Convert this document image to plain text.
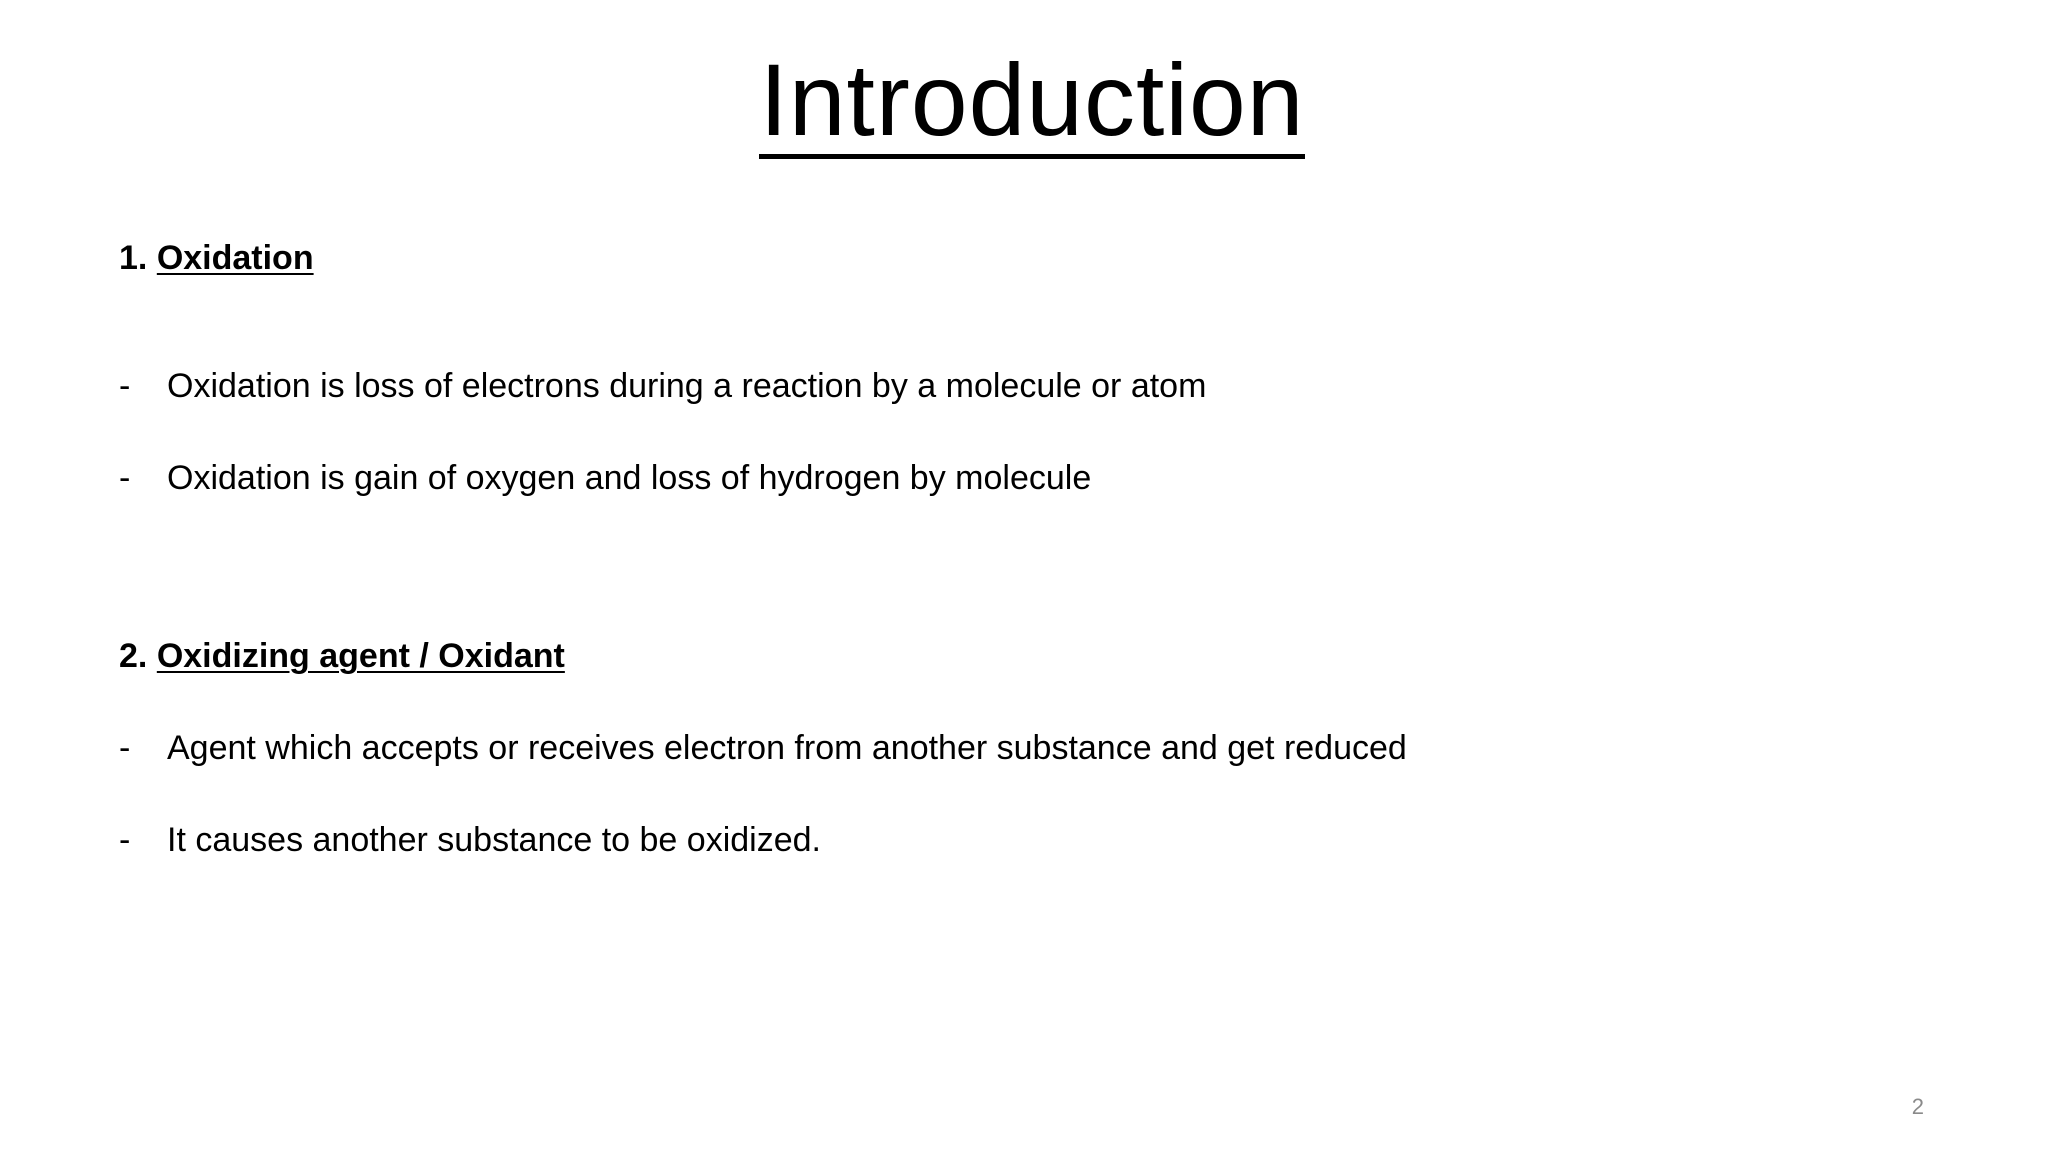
Introduction
1. Oxidation
- Oxidation is loss of electrons during a reaction by a molecule or atom
- Oxidation is gain of oxygen and loss of hydrogen by molecule
2. Oxidizing agent / Oxidant
- Agent which accepts or receives electron from another substance and get reduced
- It causes another substance to be oxidized.
2
